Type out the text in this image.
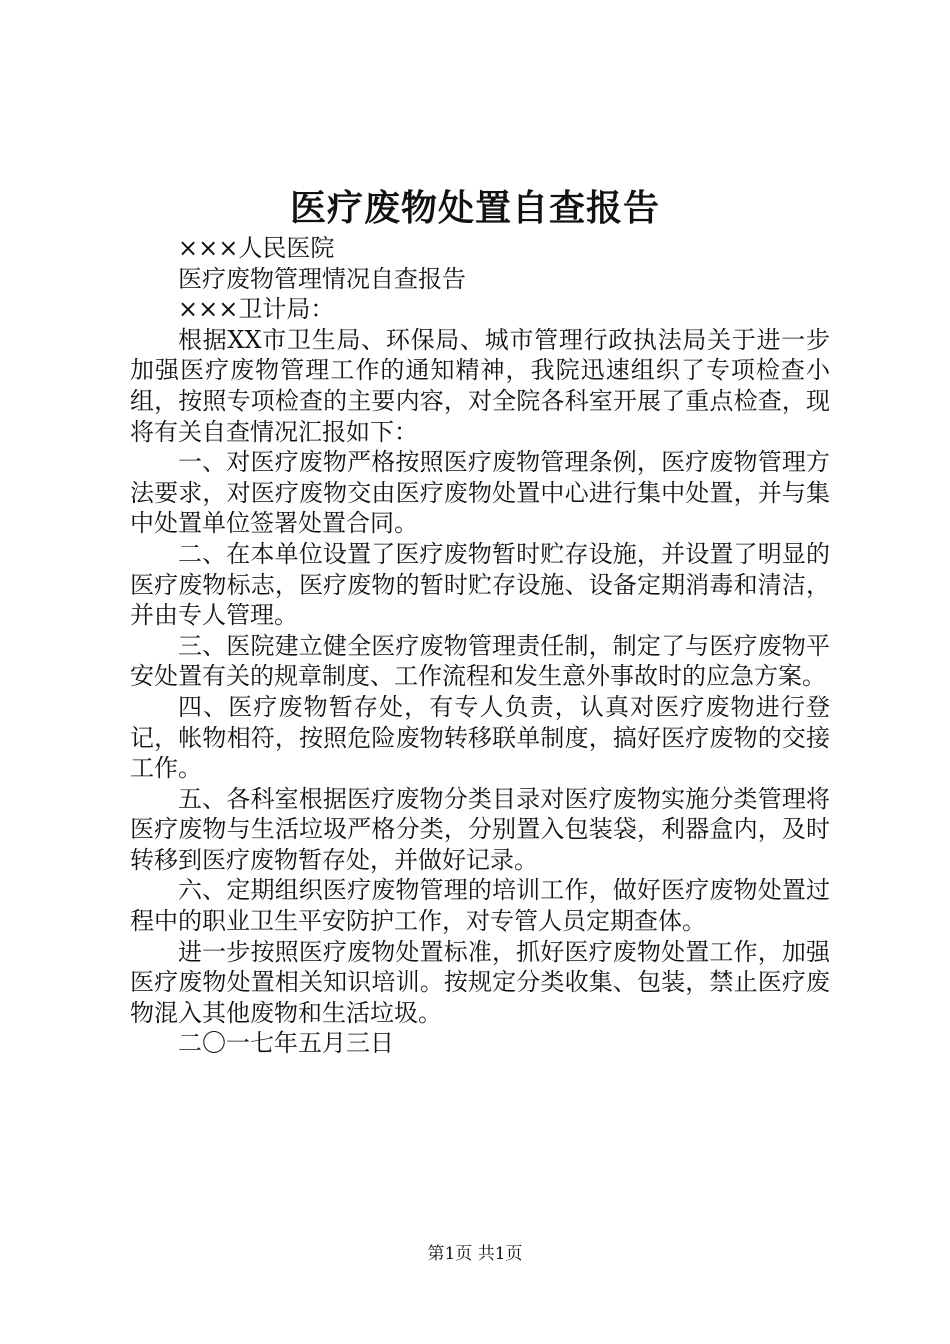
医疗废物处置自查报告

×××人民医院

医疗废物管理情况自查报告

×××卫计局：

根据XX市卫生局、环保局、城市管理行政执法局关于进一步加强医疗废物管理工作的通知精神，我院迅速组织了专项检查小组，按照专项检查的主要内容，对全院各科室开展了重点检查，现将有关自查情况汇报如下：

一、对医疗废物严格按照医疗废物管理条例，医疗废物管理方法要求，对医疗废物交由医疗废物处置中心进行集中处置，并与集中处置单位签署处置合同。

二、在本单位设置了医疗废物暂时贮存设施，并设置了明显的医疗废物标志，医疗废物的暂时贮存设施、设备定期消毒和清洁，并由专人管理。

三、医院建立健全医疗废物管理责任制，制定了与医疗废物平安处置有关的规章制度、工作流程和发生意外事故时的应急方案。

四、医疗废物暂存处，有专人负责，认真对医疗废物进行登记，帐物相符，按照危险废物转移联单制度，搞好医疗废物的交接工作。

五、各科室根据医疗废物分类目录对医疗废物实施分类管理将医疗废物与生活垃圾严格分类，分别置入包装袋，利器盒内，及时转移到医疗废物暂存处，并做好记录。

六、定期组织医疗废物管理的培训工作，做好医疗废物处置过程中的职业卫生平安防护工作，对专管人员定期查体。

进一步按照医疗废物处置标准，抓好医疗废物处置工作，加强医疗废物处置相关知识培训。按规定分类收集、包装，禁止医疗废物混入其他废物和生活垃圾。

二〇一七年五月三日

第1页 共1页
